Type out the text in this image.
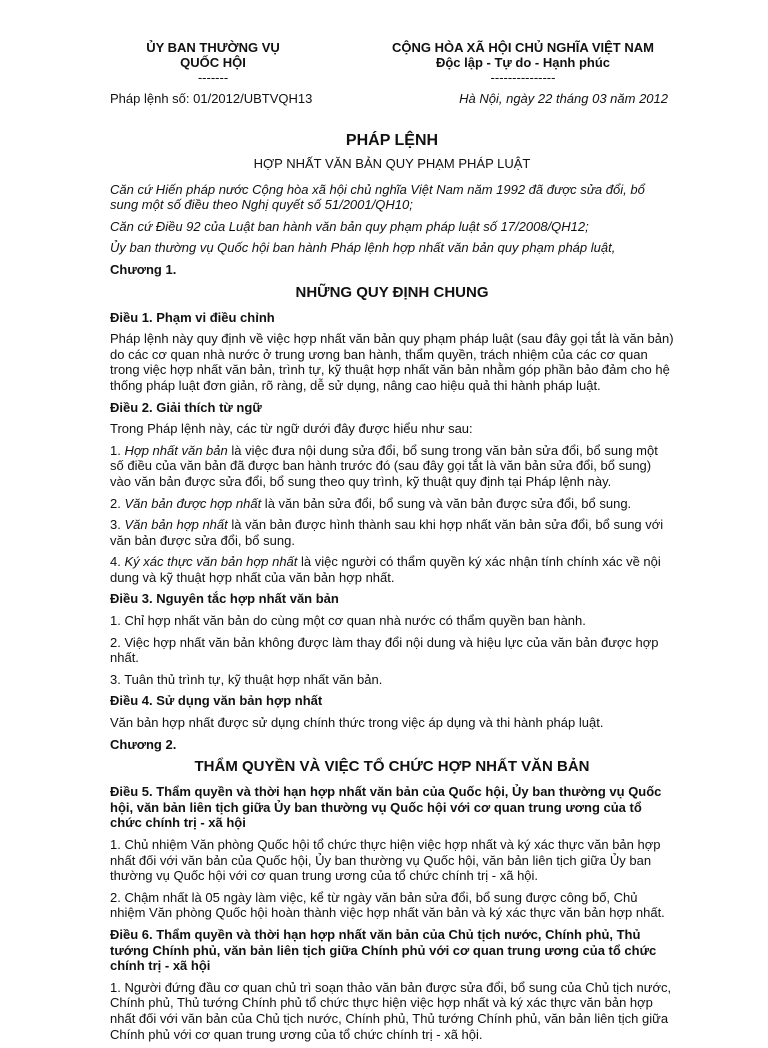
ỦY BAN THƯỜNG VỤ
QUỐC HỘI
-------
CỘNG HÒA XÃ HỘI CHỦ NGHĨA VIỆT NAM
Độc lập - Tự do - Hạnh phúc
---------------
Pháp lệnh số: 01/2012/UBTVQH13	Hà Nội, ngày 22 tháng 03 năm 2012
PHÁP LỆNH
HỢP NHẤT VĂN BẢN QUY PHẠM PHÁP LUẬT

Căn cứ Hiến pháp nước Cộng hòa xã hội chủ nghĩa Việt Nam năm 1992 đã được sửa đổi, bổ sung một số điều theo Nghị quyết số 51/2001/QH10;

Căn cứ Điều 92 của Luật ban hành văn bản quy phạm pháp luật số 17/2008/QH12;

Ủy ban thường vụ Quốc hội ban hành Pháp lệnh hợp nhất văn bản quy phạm pháp luật,

Chương 1.

NHỮNG QUY ĐỊNH CHUNG

Điều 1. Phạm vi điều chỉnh

Pháp lệnh này quy định về việc hợp nhất văn bản quy phạm pháp luật (sau đây gọi tắt là văn bản) do các cơ quan nhà nước ở trung ương ban hành, thẩm quyền, trách nhiệm của các cơ quan trong việc hợp nhất văn bản, trình tự, kỹ thuật hợp nhất văn bản nhằm góp phần bảo đảm cho hệ thống pháp luật đơn giản, rõ ràng, dễ sử dụng, nâng cao hiệu quả thi hành pháp luật.

Điều 2. Giải thích từ ngữ

Trong Pháp lệnh này, các từ ngữ dưới đây được hiểu như sau:

1. Hợp nhất văn bản là việc đưa nội dung sửa đổi, bổ sung trong văn bản sửa đổi, bổ sung một số điều của văn bản đã được ban hành trước đó (sau đây gọi tắt là văn bản sửa đổi, bổ sung) vào văn bản được sửa đổi, bổ sung theo quy trình, kỹ thuật quy định tại Pháp lệnh này.

2. Văn bản được hợp nhất là văn bản sửa đổi, bổ sung và văn bản được sửa đổi, bổ sung.

3. Văn bản hợp nhất là văn bản được hình thành sau khi hợp nhất văn bản sửa đổi, bổ sung với văn bản được sửa đổi, bổ sung.

4. Ký xác thực văn bản hợp nhất là việc người có thẩm quyền ký xác nhận tính chính xác về nội dung và kỹ thuật hợp nhất của văn bản hợp nhất.

Điều 3. Nguyên tắc hợp nhất văn bản

1. Chỉ hợp nhất văn bản do cùng một cơ quan nhà nước có thẩm quyền ban hành.

2. Việc hợp nhất văn bản không được làm thay đổi nội dung và hiệu lực của văn bản được hợp nhất.

3. Tuân thủ trình tự, kỹ thuật hợp nhất văn bản.

Điều 4. Sử dụng văn bản hợp nhất

Văn bản hợp nhất được sử dụng chính thức trong việc áp dụng và thi hành pháp luật.

Chương 2.

THẨM QUYỀN VÀ VIỆC TỔ CHỨC HỢP NHẤT VĂN BẢN

Điều 5. Thẩm quyền và thời hạn hợp nhất văn bản của Quốc hội, Ủy ban thường vụ Quốc hội, văn bản liên tịch giữa Ủy ban thường vụ Quốc hội với cơ quan trung ương của tổ chức chính trị - xã hội

1. Chủ nhiệm Văn phòng Quốc hội tổ chức thực hiện việc hợp nhất và ký xác thực văn bản hợp nhất đối với văn bản của Quốc hội, Ủy ban thường vụ Quốc hội, văn bản liên tịch giữa Ủy ban thường vụ Quốc hội với cơ quan trung ương của tổ chức chính trị - xã hội.

2. Chậm nhất là 05 ngày làm việc, kể từ ngày văn bản sửa đổi, bổ sung được công bố, Chủ nhiệm Văn phòng Quốc hội hoàn thành việc hợp nhất văn bản và ký xác thực văn bản hợp nhất.

Điều 6. Thẩm quyền và thời hạn hợp nhất văn bản của Chủ tịch nước, Chính phủ, Thủ tướng Chính phủ, văn bản liên tịch giữa Chính phủ với cơ quan trung ương của tổ chức chính trị - xã hội

1. Người đứng đầu cơ quan chủ trì soạn thảo văn bản được sửa đổi, bổ sung của Chủ tịch nước, Chính phủ, Thủ tướng Chính phủ tổ chức thực hiện việc hợp nhất và ký xác thực văn bản hợp nhất đối với văn bản của Chủ tịch nước, Chính phủ, Thủ tướng Chính phủ, văn bản liên tịch giữa Chính phủ với cơ quan trung ương của tổ chức chính trị - xã hội.
